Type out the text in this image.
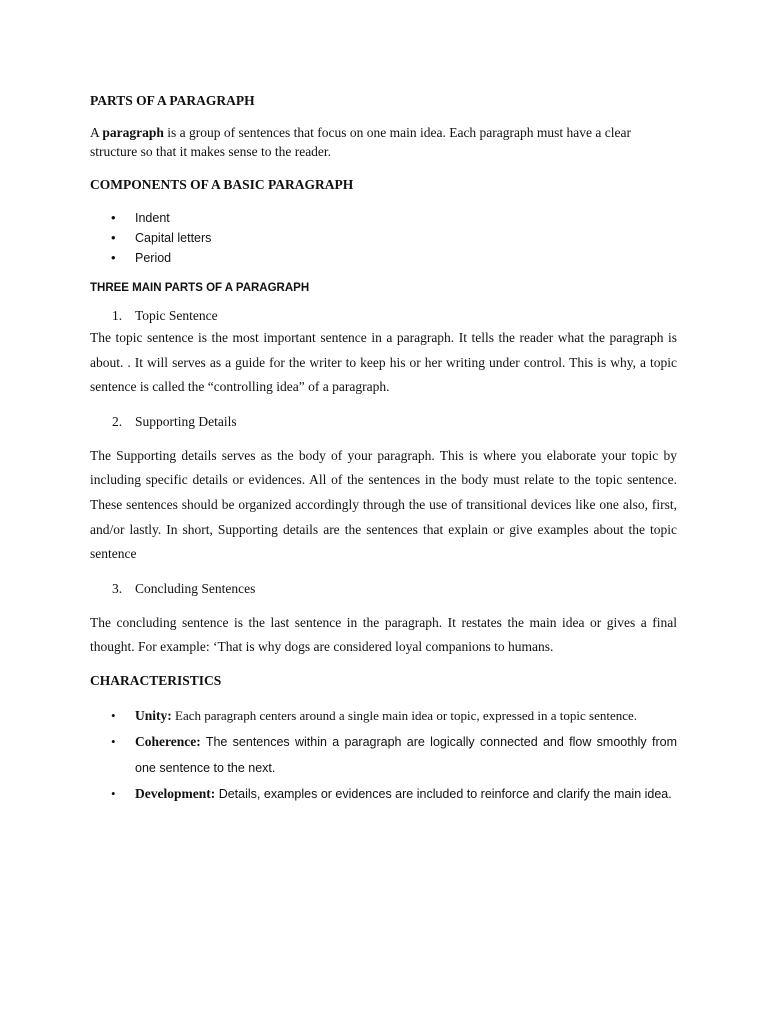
PARTS OF A PARAGRAPH

A paragraph is a group of sentences that focus on one main idea. Each paragraph must have a clear structure so that it makes sense to the reader.

COMPONENTS OF A BASIC PARAGRAPH
• Indent
• Capital letters
• Period
THREE MAIN PARTS OF A PARAGRAPH
1. Topic Sentence

The topic sentence is the most important sentence in a paragraph. It tells the reader what the paragraph is about. . It will serves as a guide for the writer to keep his or her writing under control. This is why, a topic sentence is called the “controlling idea” of a paragraph.

2. Supporting Details

The Supporting details serves as the body of your paragraph. This is where you elaborate your topic by including specific details or evidences. All of the sentences in the body must relate to the topic sentence. These sentences should be organized accordingly through the use of transitional devices like one also, first, and/or lastly. In short, Supporting details are the sentences that explain or give examples about the topic sentence

3. Concluding Sentences

The concluding sentence is the last sentence in the paragraph. It restates the main idea or gives a final thought. For example: ‘That is why dogs are considered loyal companions to humans.

CHARACTERISTICS
• Unity: Each paragraph centers around a single main idea or topic, expressed in a topic sentence.
• Coherence: The sentences within a paragraph are logically connected and flow smoothly from one sentence to the next.
• Development: Details, examples or evidences are included to reinforce and clarify the main idea.
